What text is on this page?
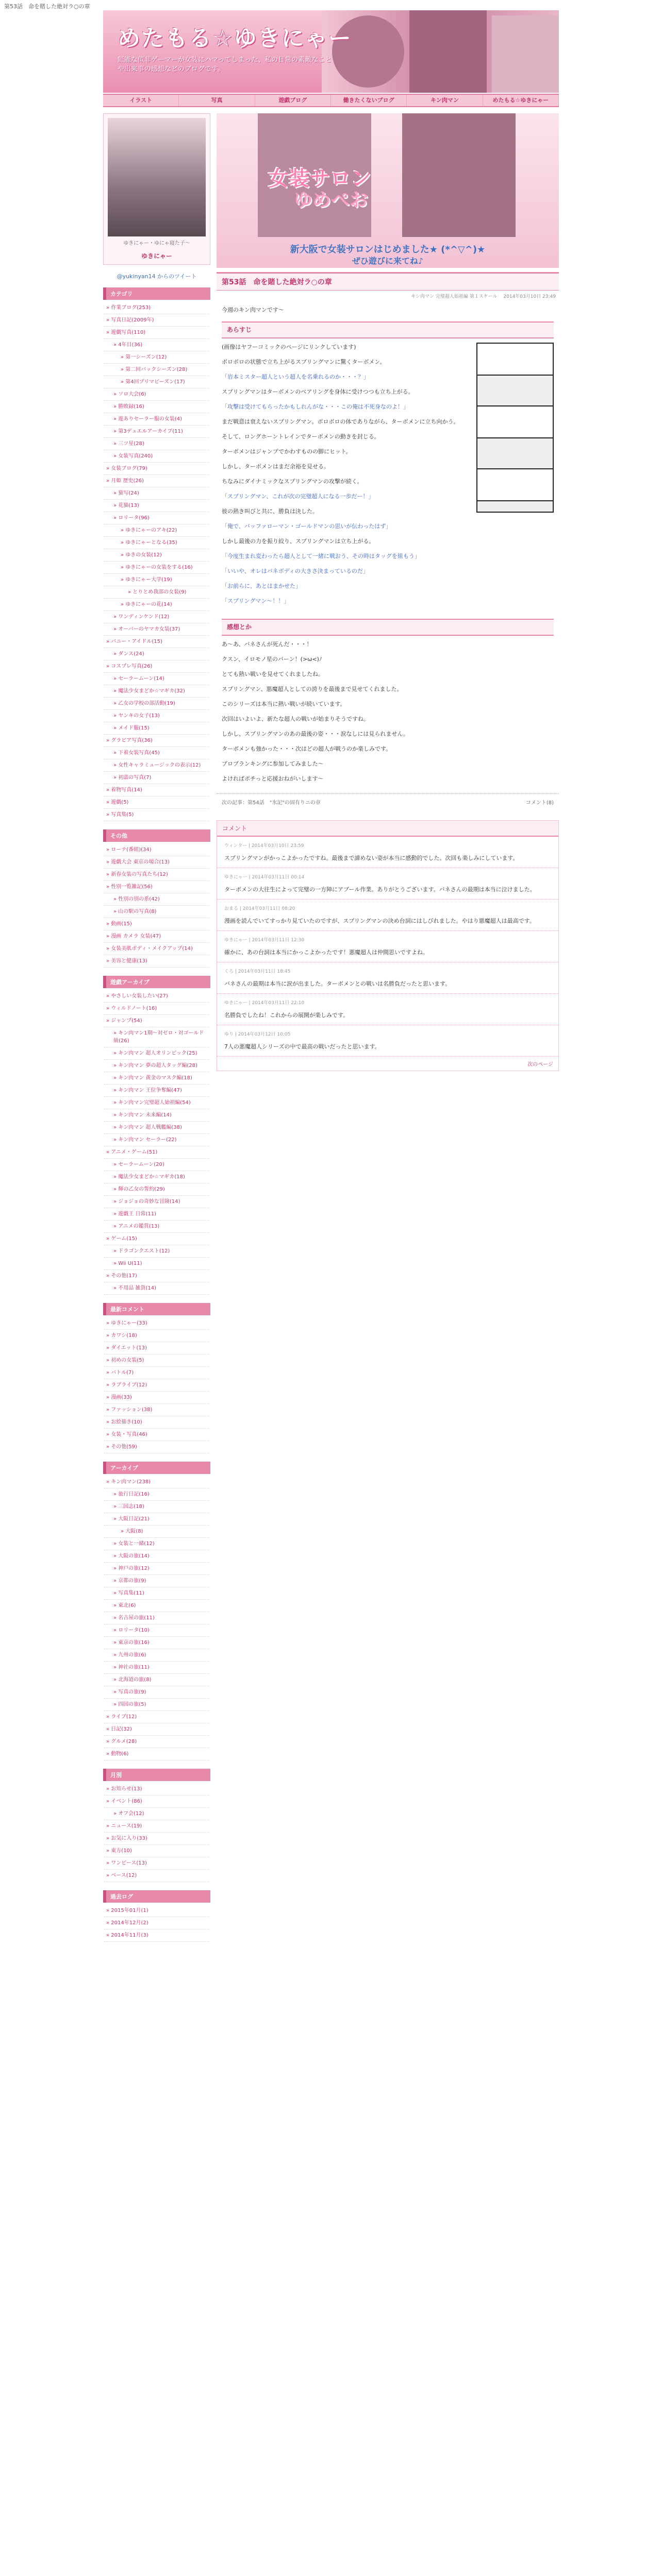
第53話　命を賭した絶対ラ○の章
めたもる☆ゆきにゃー
無能な似非ゲーマーが女装にハマってしまった、私の日常の素敵なことや出来事の感想などのブログです。
イラスト	写真	遊戯ブログ	働きたくないブログ	キン肉マン	めたもる☆ゆきにゃー
ゆきにゃー・ゆにゃ寝た子～
ゆきにゃー
@yukinyan14 からのツイート
カテゴリ
» 作業ブログ(253)
» 写真日記(2009年)
» 遊戯写真(110)
» 4年目(36)
» 第一シーズン(12)
» 第二回バックシーズン(28)
» 第4回プリマビーズン(17)
» ソロ大会(6)
» 勝敗録(16)
» 遊ありセーラー服の女装(4)
» 第3デュエルアーカイブ(11)
» 三ツ星(28)
» 女装写真(240)
» 女装ブログ(79)
» 月姫 歴史(26)
» 猫写(24)
» 花猫(13)
» ロリータ(96)
» ゆきにゃーのアキ(22)
» ゆきにゃーとなる(35)
» ゆきの女装(12)
» ゆきにゃーの女装をする(16)
» ゆきにゃー大学(19)
» とりとめ我部の女装(9)
» ゆきにゃーの花(14)
» ワンディンケンド(12)
» オーバーのヤマカ女装(37)
» バニー・アイドル(15)
» ダンス(24)
» コスプレ写真(26)
» セーラームーン(14)
» 魔法少女まどか☆マギカ(32)
» 乙女の学校の部活動(19)
» ヤンキの女子(13)
» メイド服(15)
» グラビア写真(36)
» 下着女装写真(45)
» 女性キャラミュージックの表示(12)
» 初詣の写真(7)
» 着物写真(14)
» 遊戯(5)
» 写真集(5)
その他
» ローテ(番組)(34)
» 遊戯大会 東京の場合(13)
» 新春女装の写真たち(12)
» 性別一覧雑記(56)
» 性別の別の系(42)
» 山の駅の写真(8)
» 動画(15)
» 漫画 カメラ 女装(47)
» 女装美肌ボディ・メイクアップ(14)
» 美容と健康(13)
遊戯アーカイブ
» やさしい女装したい(27)
» ウィルドノート(16)
» ジャンプ(54)
» キン肉マン1期～対ゼロ・対ゴールド級(26)
» キン肉マン 超人オリンピック(25)
» キン肉マン 夢の超人タッグ編(28)
» キン肉マン 黄金のマスク編(18)
» キン肉マン 王位争奪編(47)
» キン肉マン完璧超人始祖編(54)
» キン肉マン 未来編(14)
» キン肉マン 超人戦艦編(38)
» キン肉マン セーラー(22)
» アニメ・ゲーム(51)
» セーラームーン(20)
» 魔法少女まどか☆マギカ(18)
» 輝の乙女の誓約(29)
» ジョジョの奇妙な冒険(14)
» 遊戯王 日常(11)
» アニメの鑑賞(13)
» ゲーム(15)
» ドラゴンクエスト(12)
» Wii U(11)
» その他(17)
» 不用品 雑貨(14)
最新コメント
» ゆきにゃー(33)
» カワシ(18)
» ダイエット(13)
» 初めの女装(5)
» バトル(7)
» ラブライブ(12)
» 漫画(33)
» ファッション(38)
» お絵描き(10)
» 女装・写真(46)
» その他(59)
アーカイブ
» キン肉マン(238)
» 旅行日記(16)
» 三国志(18)
» 大阪日記(21)
» 大阪(8)
» 女装と一緒(12)
» 大阪の旅(14)
» 神戸の旅(12)
» 京都の旅(9)
» 写真集(11)
» 東北(6)
» 名古屋の旅(11)
» ロリータ(10)
» 東京の旅(16)
» 九州の旅(6)
» 神社の旅(11)
» 北海道の旅(8)
» 写真の旅(9)
» 四国の旅(5)
» ライブ(12)
» 日記(32)
» グルメ(28)
» 動物(6)
月別
» お知らせ(13)
» イベント(86)
» オフ会(12)
» ニュース(19)
» お気に入り(33)
» 東方(10)
» ワンピース(13)
» ベース(12)
過去ログ
» 2015年01月(1)
» 2014年12月(2)
» 2014年11月(3)
女装サロン
ゆめぺお
新大阪で女装サロンはじめました★ (*^▽^)★
ぜひ遊びに来てね♪
第53話　命を賭した絶対ラ○の章
キン肉マン 完璧超人始祖編 第１スケール　 2014年03月10日 23:49

今週のキン肉マンです～

あらすじ

(画像はヤフーコミックのページにリンクしています)

ボロボロの状態で立ち上がるスプリングマンに驚くターボメン。

「岩本ミスター超人という超人を名乗れるのか・・・？」

スプリングマンはターボメンのベアリングを身体に受けつつも立ち上がる。

「攻撃は受けてもらったかもしれんがな・・・この俺は不死身なのよ！」

まだ戦意は衰えないスプリングマン。ボロボロの体でありながら、ターボメンに立ち向かう。

そして、ロングホーントレインでターボメンの動きを封じる。

ターボメンはジャンプでかわすものの脚にヒット。

しかし、ターボメンはまだ余裕を見せる。

ちなみにダイナミックなスプリングマンの攻撃が続く。

「スプリングマン、これが次の完璧超人になる一歩だー！」

彼の熱き叫びと共に、勝負は決した。

「俺で、バッファローマン・ゴールドマンの思いが伝わったはず」

しかし最後の力を振り絞り、スプリングマンは立ち上がる。

「今度生まれ変わったら超人として一緒に戦おう、その時はタッグを組もう」

「いいや、オレはバネボディの大きさ決まっているのだ」

「お前らに、あとはまかせた」

「スプリングマン～！！」

感想とか

あ～あ、バネさんが死んだ・・・！

クスン、イロモノ星のバーン！(>ω<)ﾉ

とても熱い戦いを見せてくれましたね。

スプリングマン、悪魔超人としての誇りを最後まで見せてくれました。

このシリーズは本当に熱い戦いが続いています。

次回はいよいよ、新たな超人の戦いが始まりそうですね。

しかし、スプリングマンのあの最後の姿・・・涙なしには見られません。

ターボメンも強かった・・・次はどの超人が戦うのか楽しみです。

プロブランキングに参加してみました～

よければポチっと応援おねがいします～

次の記事：第54話　"氷記"の固有りニの章	コメント(8)
コメント
ウィンター | 2014年03月10日 23:59
スプリングマンがかっこよかったですね。最後まで諦めない姿が本当に感動的でした。次回も楽しみにしています。
ゆきにゃー | 2014年03月11日 00:14
ターボメンの大往生によって完璧の一方陣にアブール作業。ありがとうございます。バネさんの最期は本当に泣けました。
おまる | 2014年03月11日 08:20
漫画を読んでいてすっかり見ていたのですが、スプリングマンの決め台詞にはしびれました。やはり悪魔超人は最高です。
ゆきにゃー | 2014年03月11日 12:30
確かに、あの台詞は本当にかっこよかったです！悪魔超人は仲間思いですよね。
くろ | 2014年03月11日 18:45
バネさんの最期は本当に涙が出ました。ターボメンとの戦いは名勝負だったと思います。
ゆきにゃー | 2014年03月11日 22:10
名勝負でしたね！これからの展開が楽しみです。
ゆり | 2014年03月12日 10:05
7人の悪魔超人シリーズの中で最高の戦いだったと思います。
次のページ
